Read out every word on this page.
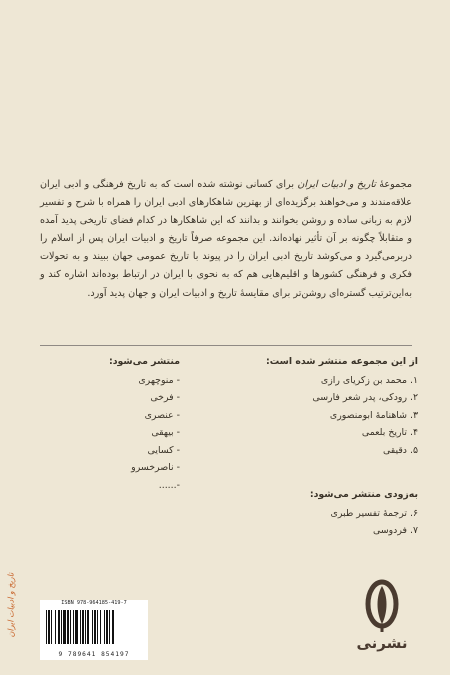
مجموعهٔ تاریخ و ادبیات ایران برای کسانی نوشته شده است که به تاریخ فرهنگی و ادبی ایران علاقه‌مندند و می‌خواهند برگزیده‌ای از بهترین شاهکارهای ادبی ایران را همراه با شرح و تفسیر لازم به زبانی ساده و روشن بخوانند و بدانند که این شاهکارها در کدام فضای تاریخی پدید آمده و متقابلاً چگونه بر آن تأثیر نهاده‌اند. این مجموعه صرفاً تاریخ و ادبیات ایران پس از اسلام را دربرمی‌گیرد و می‌کوشد تاریخ ادبی ایران را در پیوند با تاریخ عمومی جهان ببیند و به تحولات فکری و فرهنگی کشورها و اقلیم‌هایی هم که به نحوی با ایران در ارتباط بوده‌اند اشاره کند و به‌این‌ترتیب گستره‌ای روشن‌تر برای مقایسهٔ تاریخ و ادبیات ایران و جهان پدید آورد.
از این مجموعه منتشر شده است:
۱. محمد بن زکریای رازی
۲. رودکی، پدر شعر فارسی
۳. شاهنامهٔ ابومنصوری
۴. تاریخ بلعمی
۵. دقیقی
به‌زودی منتشر می‌شود:
۶. ترجمهٔ تفسیر طبری
۷. فردوسی
منتشر می‌شود:
- منوچهری
- فرخی
- عنصری
- بیهقی
- کسایی
- ناصرخسرو
-......
تاریخ و ادبیات ایران	ISBN 978-964185-419-7
9 789641 854197
نشرنی
